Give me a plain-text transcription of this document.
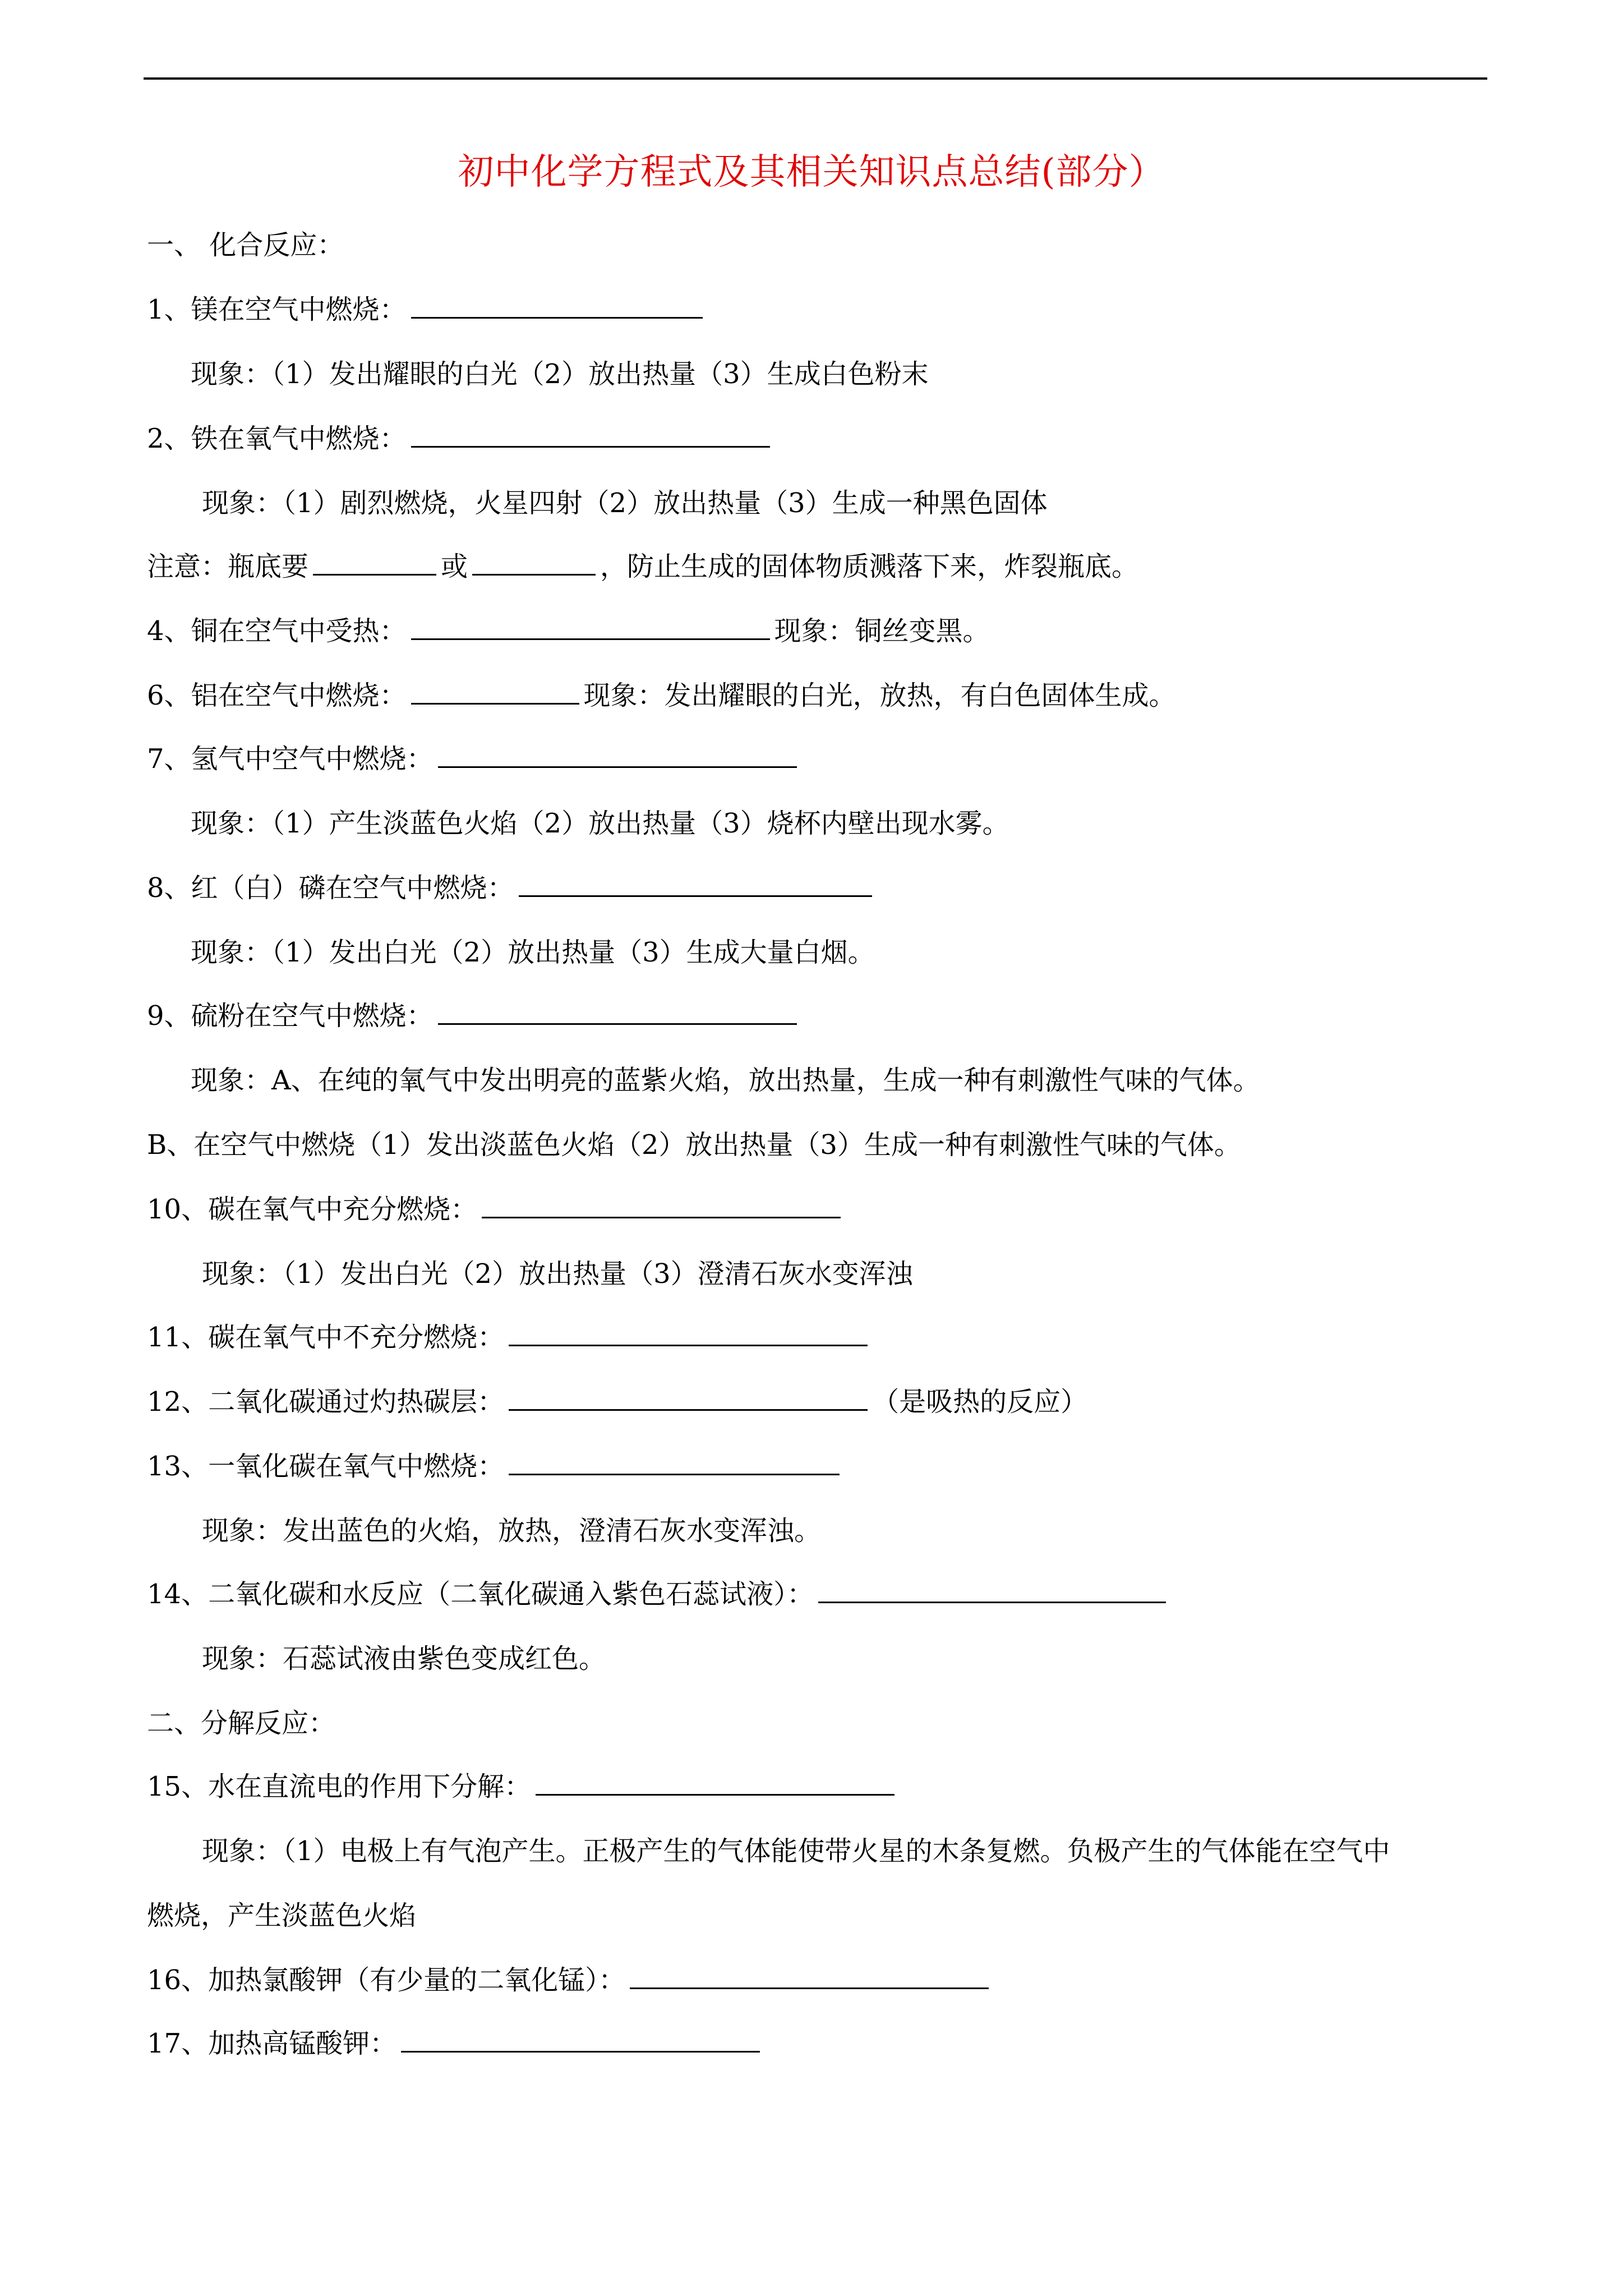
初中化学方程式及其相关知识点总结(部分）
一、 化合反应：
1、镁在空气中燃烧：
现象：（1）发出耀眼的白光（2）放出热量（3）生成白色粉末
2、铁在氧气中燃烧：
现象：（1）剧烈燃烧，火星四射（2）放出热量（3）生成一种黑色固体
注意：瓶底要	或	，防止生成的固体物质溅落下来，炸裂瓶底。
4、铜在空气中受热：	现象：铜丝变黑。
6、铝在空气中燃烧：	现象：发出耀眼的白光，放热，有白色固体生成。
7、氢气中空气中燃烧：
现象：（1）产生淡蓝色火焰（2）放出热量（3）烧杯内壁出现水雾。
8、红（白）磷在空气中燃烧：
现象：（1）发出白光（2）放出热量（3）生成大量白烟。
9、硫粉在空气中燃烧：
现象：A、在纯的氧气中发出明亮的蓝紫火焰，放出热量，生成一种有刺激性气味的气体。
B、在空气中燃烧（1）发出淡蓝色火焰（2）放出热量（3）生成一种有刺激性气味的气体。
10、碳在氧气中充分燃烧：
现象：（1）发出白光（2）放出热量（3）澄清石灰水变浑浊
11、碳在氧气中不充分燃烧：
12、二氧化碳通过灼热碳层：	（是吸热的反应）
13、一氧化碳在氧气中燃烧：
现象：发出蓝色的火焰，放热，澄清石灰水变浑浊。
14、二氧化碳和水反应（二氧化碳通入紫色石蕊试液）：
现象：石蕊试液由紫色变成红色。
二、分解反应：
15、水在直流电的作用下分解：
现象：（1）电极上有气泡产生。正极产生的气体能使带火星的木条复燃。负极产生的气体能在空气中
燃烧，产生淡蓝色火焰
16、加热氯酸钾（有少量的二氧化锰）：
17、加热高锰酸钾：
